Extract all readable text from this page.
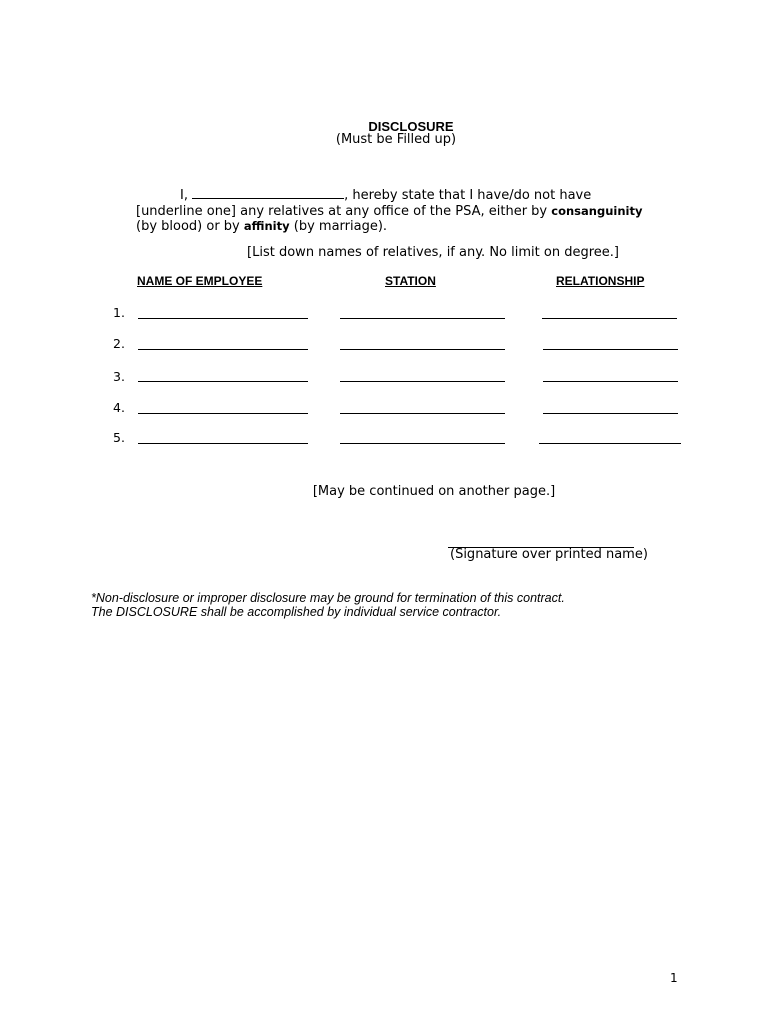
DISCLOSURE
(Must be Filled up)
I,	, hereby state that I have/do not have
[underline one] any relatives at any office of the PSA, either by consanguinity
(by blood) or by affinity (by marriage).
[List down names of relatives, if any. No limit on degree.]
NAME OF EMPLOYEE	STATION	RELATIONSHIP
1.
2.
3.
4.
5.
[May be continued on another page.]
(Signature over printed name)
*Non-disclosure or improper disclosure may be ground for termination of this contract.
The DISCLOSURE shall be accomplished by individual service contractor.
1
